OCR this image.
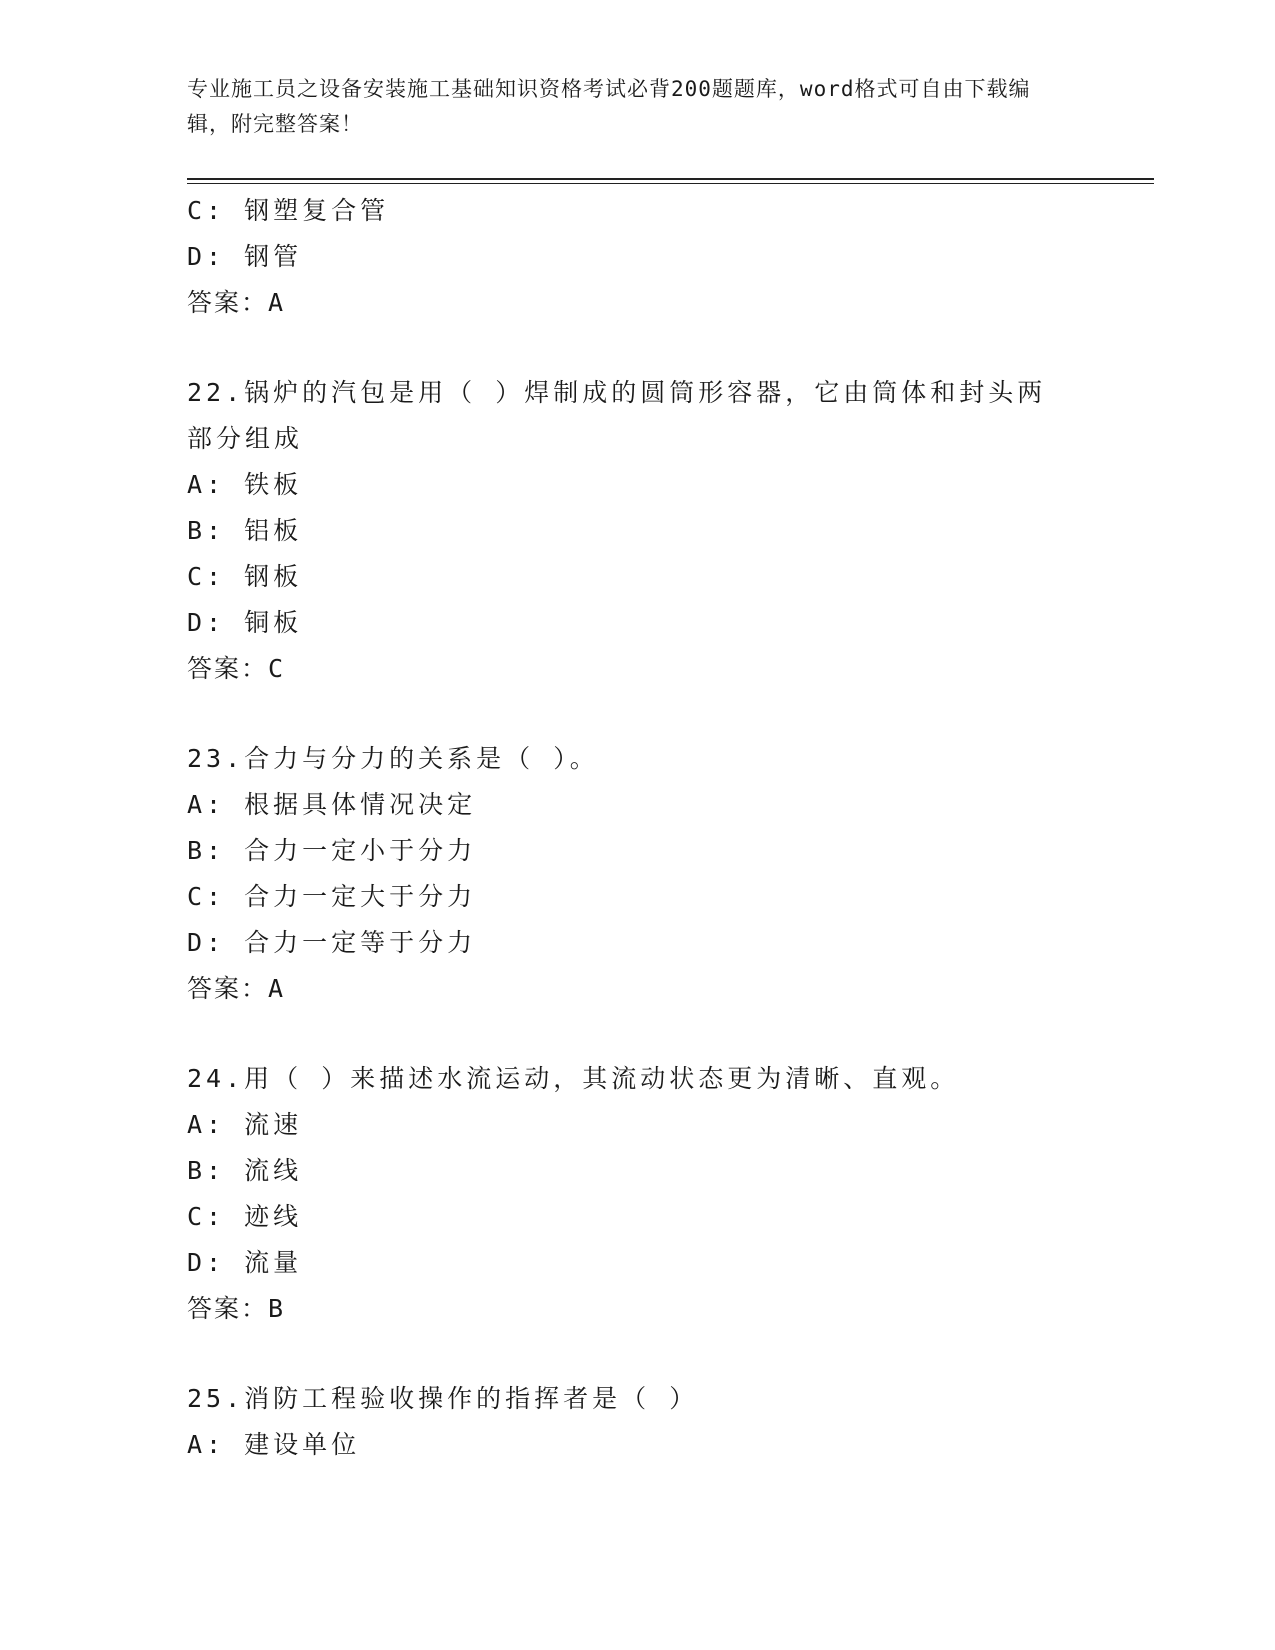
专业施工员之设备安装施工基础知识资格考试必背200题题库，word格式可自由下载编辑，附完整答案！
C: 钢塑复合管
D: 钢管
答案：A
22.锅炉的汽包是用（ ）焊制成的圆筒形容器，它由筒体和封头两部分组成
A: 铁板
B: 铝板
C: 钢板
D: 铜板
答案：C
23.合力与分力的关系是（ ）。
A: 根据具体情况决定
B: 合力一定小于分力
C: 合力一定大于分力
D: 合力一定等于分力
答案：A
24.用（ ）来描述水流运动，其流动状态更为清晰、直观。
A: 流速
B: 流线
C: 迹线
D: 流量
答案：B
25.消防工程验收操作的指挥者是（ ）
A: 建设单位
